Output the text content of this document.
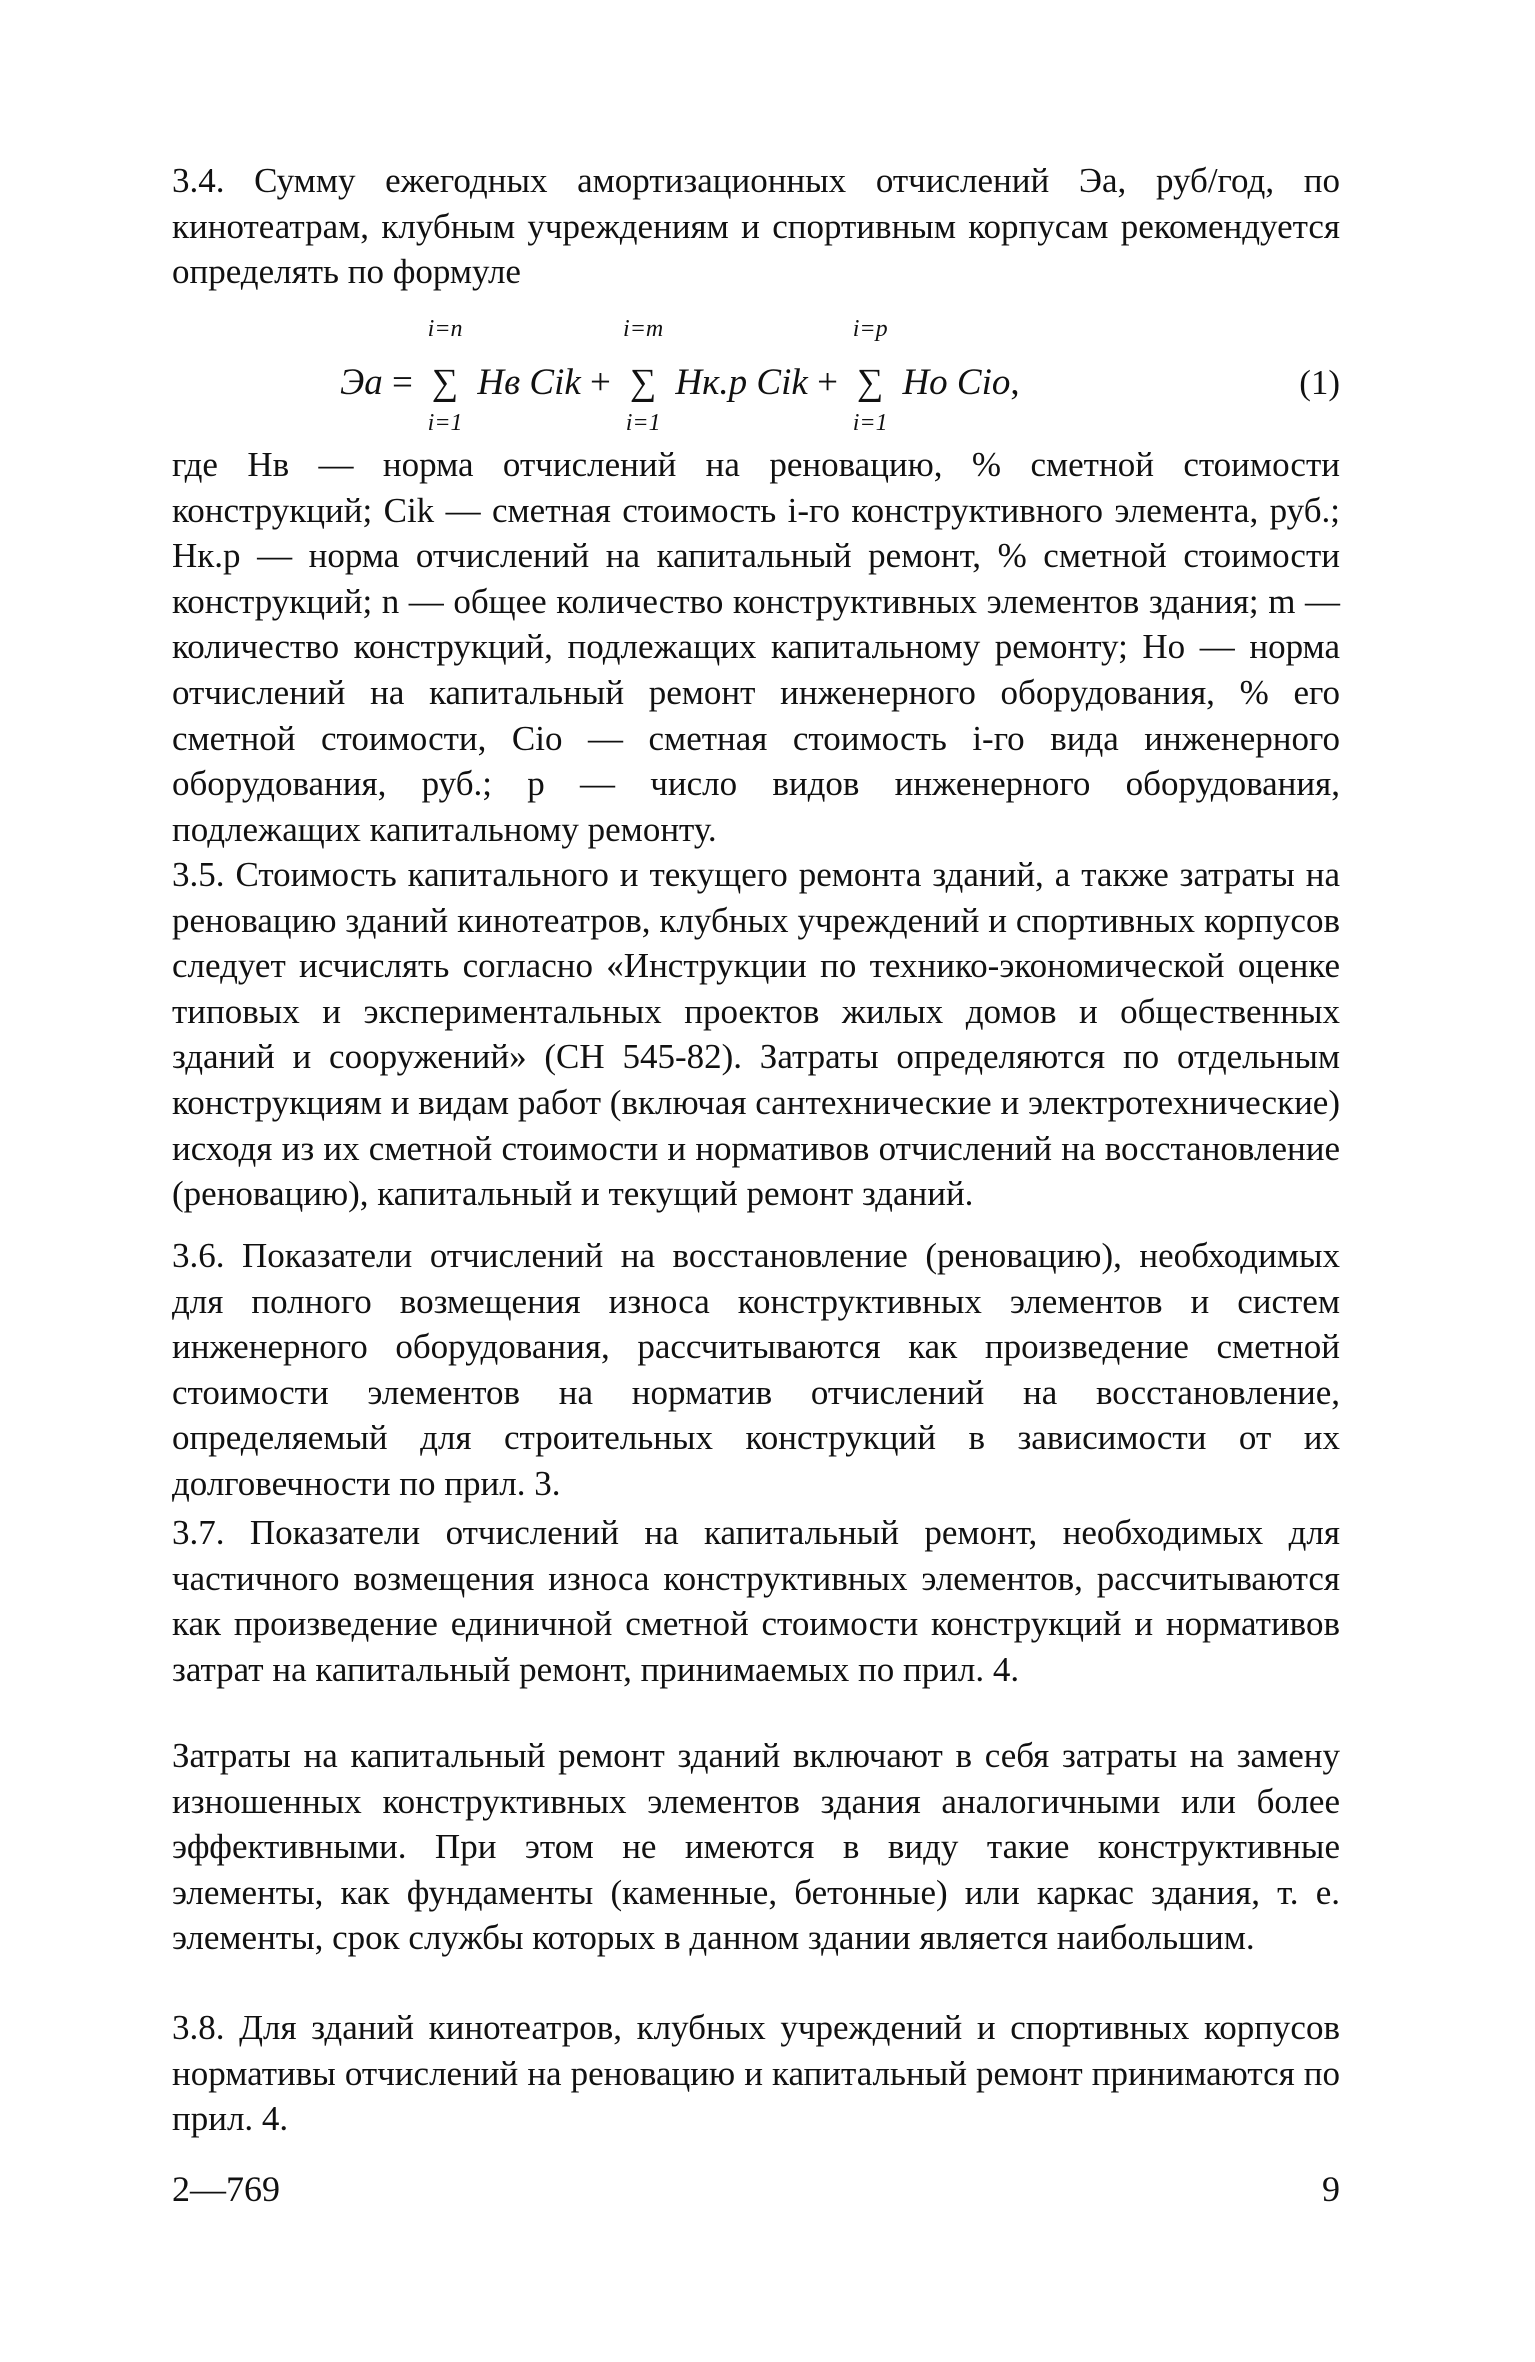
3.4. Сумму ежегодных амортизационных отчислений Эа, руб/год, по кинотеатрам, клубным учреждениям и спортивным корпусам рекомендуется определять по формуле

Эа =
i=n
∑
i=1
Нв Cik +
i=m
∑
i=1
Нк.р Cik +
i=p
∑
i=1
Но Cio,	(1)

где Нв — норма отчислений на реновацию, % сметной стоимости конструкций; Cik — сметная стоимость i-го конструктивного элемента, руб.; Нк.р — норма отчислений на капитальный ремонт, % сметной стоимости конструкций; n — общее количество конструктивных элементов здания; m — количество конструкций, подлежащих капитальному ремонту; Но — норма отчислений на капитальный ремонт инженерного оборудования, % его сметной стоимости, Cio — сметная стоимость i-го вида инженерного оборудования, руб.; p — число видов инженерного оборудования, подлежащих капитальному ремонту.

3.5. Стоимость капитального и текущего ремонта зданий, а также затраты на реновацию зданий кинотеатров, клубных учреждений и спортивных корпусов следует исчислять согласно «Инструкции по технико-экономической оценке типовых и экспериментальных проектов жилых домов и общественных зданий и сооружений» (СН 545-82). Затраты определяются по отдельным конструкциям и видам работ (включая сантехнические и электротехнические) исходя из их сметной стоимости и нормативов отчислений на восстановление (реновацию), капитальный и текущий ремонт зданий.

3.6. Показатели отчислений на восстановление (реновацию), необходимых для полного возмещения износа конструктивных элементов и систем инженерного оборудования, рассчитываются как произведение сметной стоимости элементов на норматив отчислений на восстановление, определяемый для строительных конструкций в зависимости от их долговечности по прил. 3.

3.7. Показатели отчислений на капитальный ремонт, необходимых для частичного возмещения износа конструктивных элементов, рассчитываются как произведение единичной сметной стоимости конструкций и нормативов затрат на капитальный ремонт, принимаемых по прил. 4.

Затраты на капитальный ремонт зданий включают в себя затраты на замену изношенных конструктивных элементов здания аналогичными или более эффективными. При этом не имеются в виду такие конструктивные элементы, как фундаменты (каменные, бетонные) или каркас здания, т. е. элементы, срок службы которых в данном здании является наибольшим.

3.8. Для зданий кинотеатров, клубных учреждений и спортивных корпусов нормативы отчислений на реновацию и капитальный ремонт принимаются по прил. 4.

2—769	9
